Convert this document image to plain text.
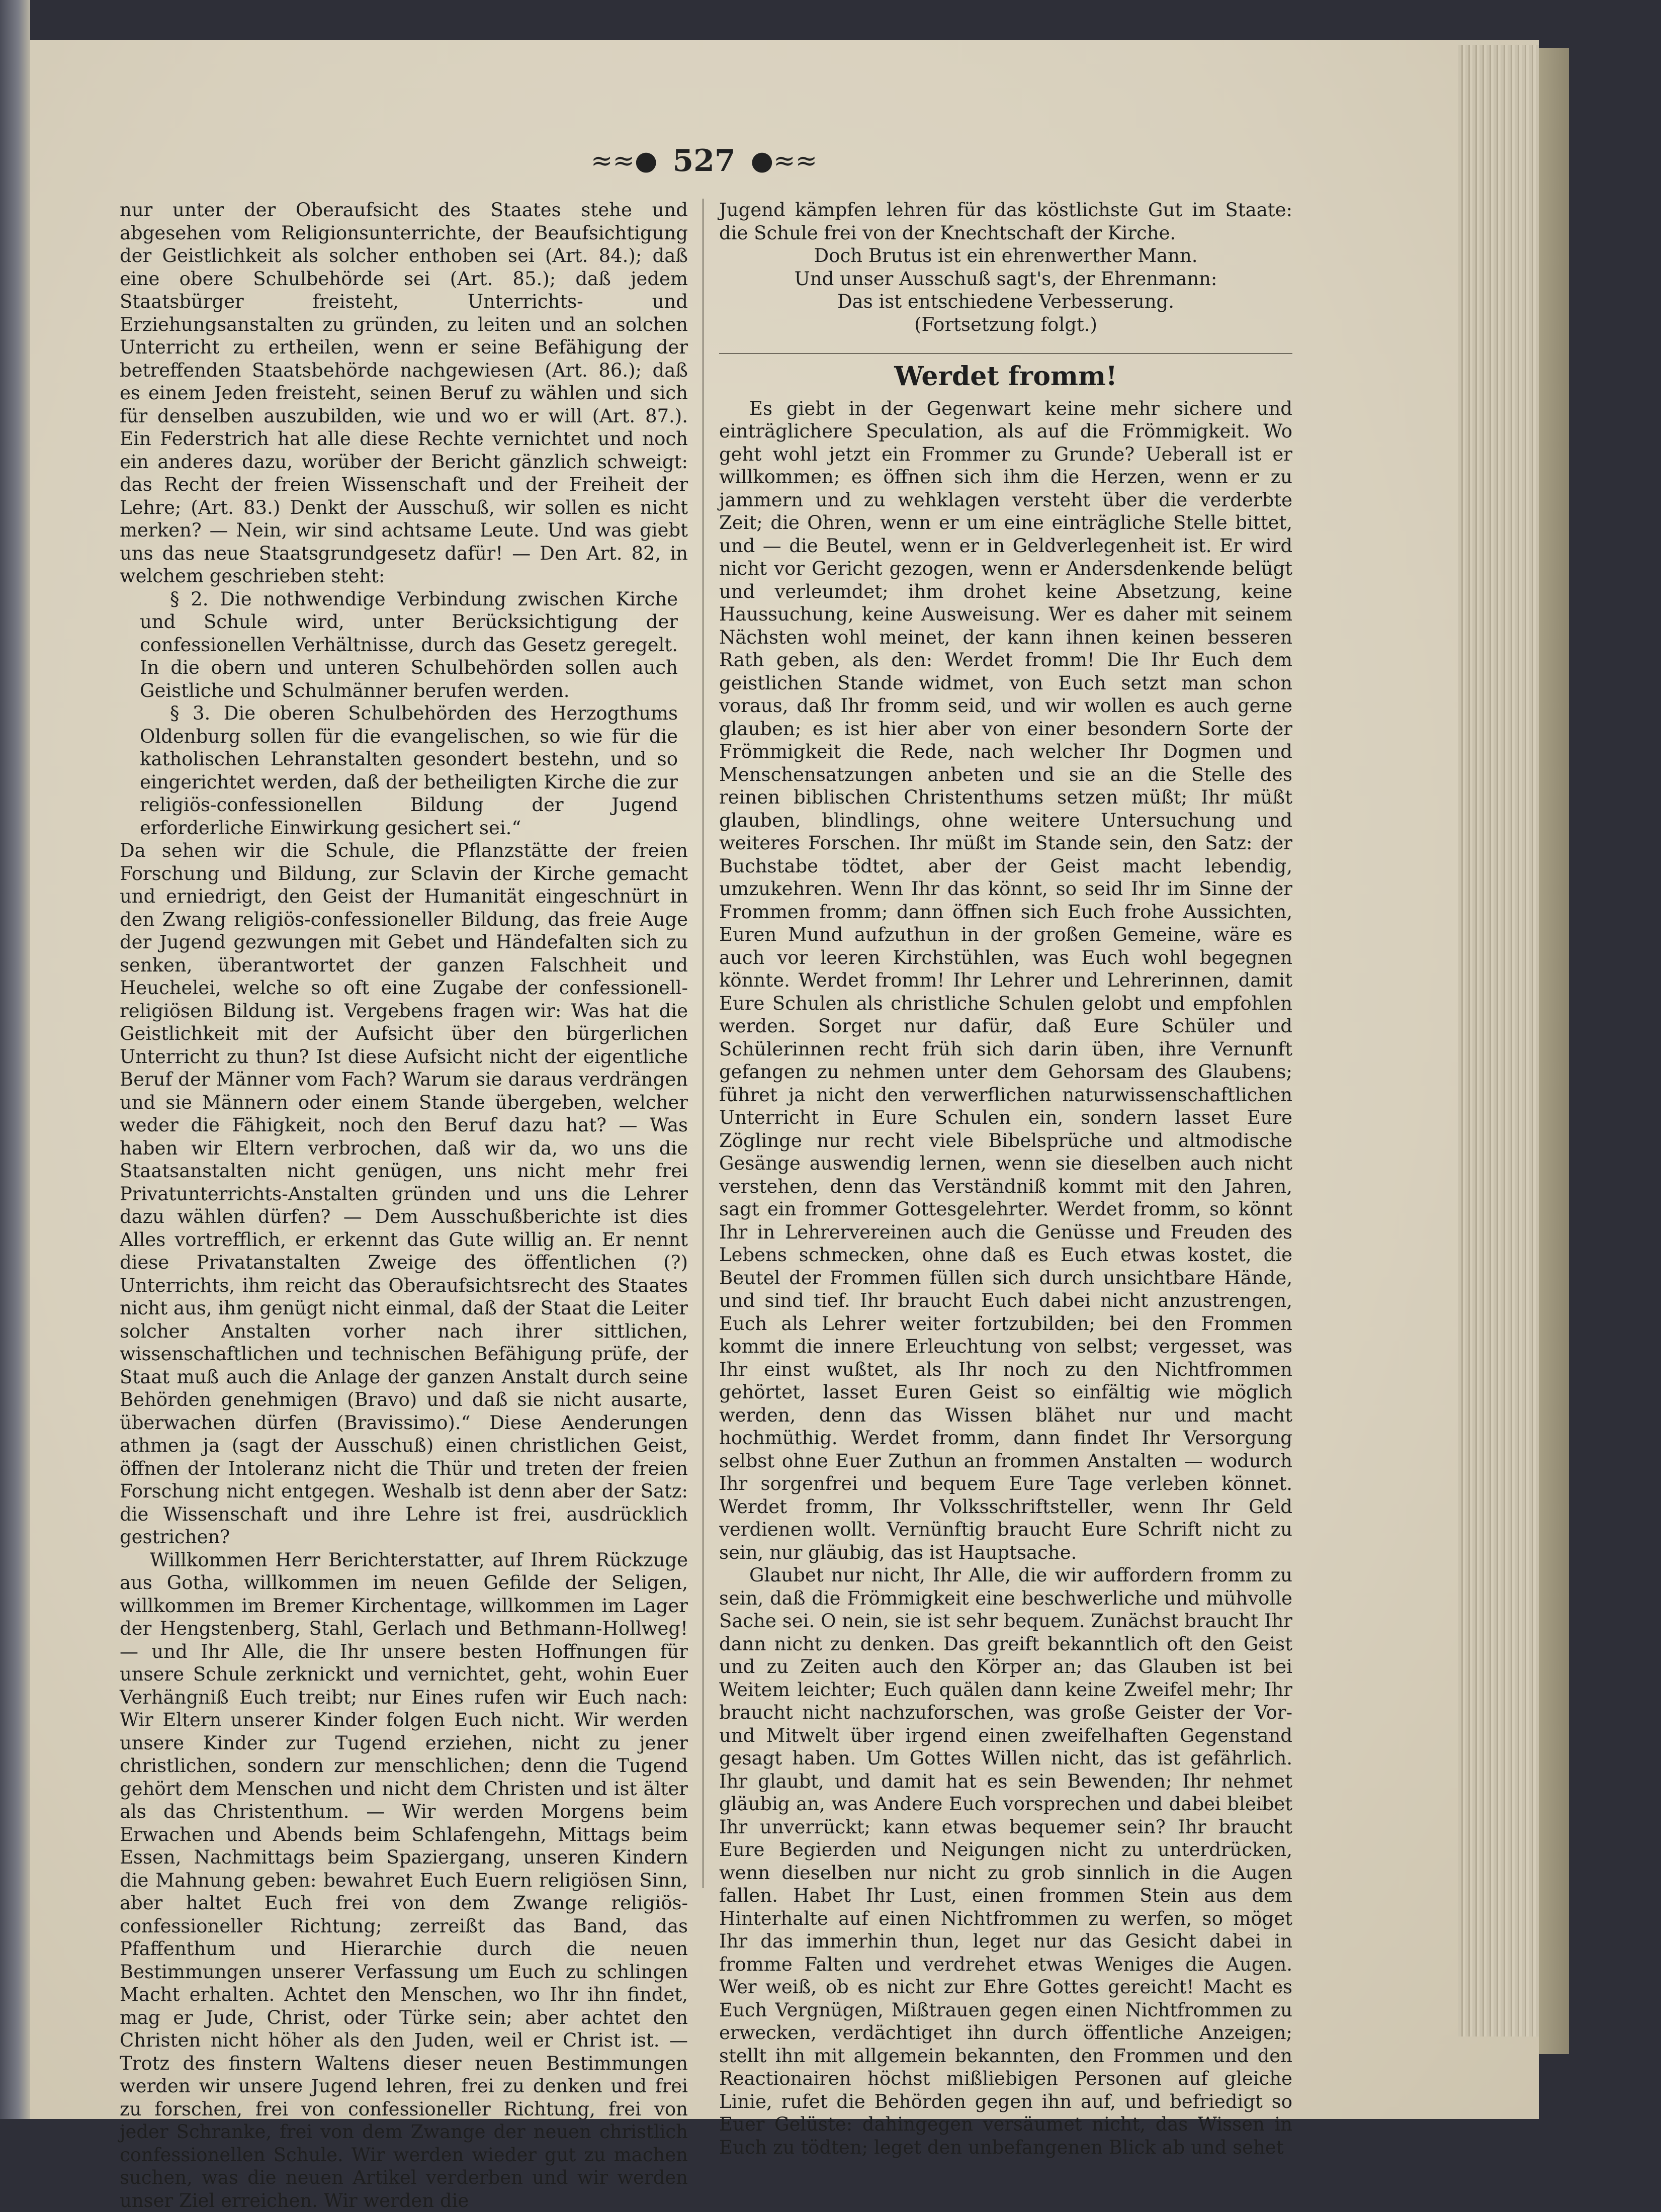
≈≈● 527 ●≈≈

nur unter der Oberaufsicht des Staates stehe und abgesehen vom Religionsunterrichte, der Beaufsichtigung der Geistlichkeit als solcher enthoben sei (Art. 84.); daß eine obere Schulbehörde sei (Art. 85.); daß jedem Staatsbürger freisteht, Unterrichts- und Erziehungsanstalten zu gründen, zu leiten und an solchen Unterricht zu ertheilen, wenn er seine Befähigung der betreffenden Staatsbehörde nachgewiesen (Art. 86.); daß es einem Jeden freisteht, seinen Beruf zu wählen und sich für denselben auszubilden, wie und wo er will (Art. 87.). Ein Federstrich hat alle diese Rechte vernichtet und noch ein anderes dazu, worüber der Bericht gänzlich schweigt: das Recht der freien Wissenschaft und der Freiheit der Lehre; (Art. 83.) Denkt der Ausschuß, wir sollen es nicht merken? — Nein, wir sind achtsame Leute. Und was giebt uns das neue Staatsgrundgesetz dafür! — Den Art. 82, in welchem geschrieben steht:

§ 2. Die nothwendige Verbindung zwischen Kirche und Schule wird, unter Berücksichtigung der confessionellen Verhältnisse, durch das Gesetz geregelt. In die obern und unteren Schulbehörden sollen auch Geistliche und Schulmänner berufen werden.

§ 3. Die oberen Schulbehörden des Herzogthums Oldenburg sollen für die evangelischen, so wie für die katholischen Lehranstalten gesondert bestehn, und so eingerichtet werden, daß der betheiligten Kirche die zur religiös-confessionellen Bildung der Jugend erforderliche Einwirkung gesichert sei.“

Da sehen wir die Schule, die Pflanzstätte der freien Forschung und Bildung, zur Sclavin der Kirche gemacht und erniedrigt, den Geist der Humanität eingeschnürt in den Zwang religiös-confessioneller Bildung, das freie Auge der Jugend gezwungen mit Gebet und Händefalten sich zu senken, überantwortet der ganzen Falschheit und Heuchelei, welche so oft eine Zugabe der confessionell-religiösen Bildung ist. Vergebens fragen wir: Was hat die Geistlichkeit mit der Aufsicht über den bürgerlichen Unterricht zu thun? Ist diese Aufsicht nicht der eigentliche Beruf der Männer vom Fach? Warum sie daraus verdrängen und sie Männern oder einem Stande übergeben, welcher weder die Fähigkeit, noch den Beruf dazu hat? — Was haben wir Eltern verbrochen, daß wir da, wo uns die Staatsanstalten nicht genügen, uns nicht mehr frei Privatunterrichts-Anstalten gründen und uns die Lehrer dazu wählen dürfen? — Dem Ausschußberichte ist dies Alles vortrefflich, er erkennt das Gute willig an. Er nennt diese Privatanstalten Zweige des öffentlichen (?) Unterrichts, ihm reicht das Oberaufsichtsrecht des Staates nicht aus, ihm genügt nicht einmal, daß der Staat die Leiter solcher Anstalten vorher nach ihrer sittlichen, wissenschaftlichen und technischen Befähigung prüfe, der Staat muß auch die Anlage der ganzen Anstalt durch seine Behörden genehmigen (Bravo) und daß sie nicht ausarte, überwachen dürfen (Bravissimo).“ Diese Aenderungen athmen ja (sagt der Ausschuß) einen christlichen Geist, öffnen der Intoleranz nicht die Thür und treten der freien Forschung nicht entgegen. Weshalb ist denn aber der Satz: die Wissenschaft und ihre Lehre ist frei, ausdrücklich gestrichen?

Willkommen Herr Berichterstatter, auf Ihrem Rückzuge aus Gotha, willkommen im neuen Gefilde der Seligen, willkommen im Bremer Kirchentage, willkommen im Lager der Hengstenberg, Stahl, Gerlach und Bethmann-Hollweg! — und Ihr Alle, die Ihr unsere besten Hoffnungen für unsere Schule zerknickt und vernichtet, geht, wohin Euer Verhängniß Euch treibt; nur Eines rufen wir Euch nach: Wir Eltern unserer Kinder folgen Euch nicht. Wir werden unsere Kinder zur Tugend erziehen, nicht zu jener christlichen, sondern zur menschlichen; denn die Tugend gehört dem Menschen und nicht dem Christen und ist älter als das Christenthum. — Wir werden Morgens beim Erwachen und Abends beim Schlafengehn, Mittags beim Essen, Nachmittags beim Spaziergang, unseren Kindern die Mahnung geben: bewahret Euch Euern religiösen Sinn, aber haltet Euch frei von dem Zwange religiös-confessioneller Richtung; zerreißt das Band, das Pfaffenthum und Hierarchie durch die neuen Bestimmungen unserer Verfassung um Euch zu schlingen Macht erhalten. Achtet den Menschen, wo Ihr ihn findet, mag er Jude, Christ, oder Türke sein; aber achtet den Christen nicht höher als den Juden, weil er Christ ist. — Trotz des finstern Waltens dieser neuen Bestimmungen werden wir unsere Jugend lehren, frei zu denken und frei zu forschen, frei von confessioneller Richtung, frei von jeder Schranke, frei von dem Zwange der neuen christlich confessionellen Schule. Wir werden wieder gut zu machen suchen, was die neuen Artikel verderben und wir werden unser Ziel erreichen. Wir werden die

Jugend kämpfen lehren für das köstlichste Gut im Staate: die Schule frei von der Knechtschaft der Kirche.

Doch Brutus ist ein ehrenwerther Mann.

Und unser Ausschuß sagt's, der Ehrenmann:

Das ist entschiedene Verbesserung.

(Fortsetzung folgt.)

Werdet fromm!

Es giebt in der Gegenwart keine mehr sichere und einträglichere Speculation, als auf die Frömmigkeit. Wo geht wohl jetzt ein Frommer zu Grunde? Ueberall ist er willkommen; es öffnen sich ihm die Herzen, wenn er zu jammern und zu wehklagen versteht über die verderbte Zeit; die Ohren, wenn er um eine einträgliche Stelle bittet, und — die Beutel, wenn er in Geldverlegenheit ist. Er wird nicht vor Gericht gezogen, wenn er Andersdenkende belügt und verleumdet; ihm drohet keine Absetzung, keine Haussuchung, keine Ausweisung. Wer es daher mit seinem Nächsten wohl meinet, der kann ihnen keinen besseren Rath geben, als den: Werdet fromm! Die Ihr Euch dem geistlichen Stande widmet, von Euch setzt man schon voraus, daß Ihr fromm seid, und wir wollen es auch gerne glauben; es ist hier aber von einer besondern Sorte der Frömmigkeit die Rede, nach welcher Ihr Dogmen und Menschensatzungen anbeten und sie an die Stelle des reinen biblischen Christenthums setzen müßt; Ihr müßt glauben, blindlings, ohne weitere Untersuchung und weiteres Forschen. Ihr müßt im Stande sein, den Satz: der Buchstabe tödtet, aber der Geist macht lebendig, umzukehren. Wenn Ihr das könnt, so seid Ihr im Sinne der Frommen fromm; dann öffnen sich Euch frohe Aussichten, Euren Mund aufzuthun in der großen Gemeine, wäre es auch vor leeren Kirchstühlen, was Euch wohl begegnen könnte. Werdet fromm! Ihr Lehrer und Lehrerinnen, damit Eure Schulen als christliche Schulen gelobt und empfohlen werden. Sorget nur dafür, daß Eure Schüler und Schülerinnen recht früh sich darin üben, ihre Vernunft gefangen zu nehmen unter dem Gehorsam des Glaubens; führet ja nicht den verwerflichen naturwissenschaftlichen Unterricht in Eure Schulen ein, sondern lasset Eure Zöglinge nur recht viele Bibelsprüche und altmodische Gesänge auswendig lernen, wenn sie dieselben auch nicht verstehen, denn das Verständniß kommt mit den Jahren, sagt ein frommer Gottesgelehrter. Werdet fromm, so könnt Ihr in Lehrervereinen auch die Genüsse und Freuden des Lebens schmecken, ohne daß es Euch etwas kostet, die Beutel der Frommen füllen sich durch unsichtbare Hände, und sind tief. Ihr braucht Euch dabei nicht anzustrengen, Euch als Lehrer weiter fortzubilden; bei den Frommen kommt die innere Erleuchtung von selbst; vergesset, was Ihr einst wußtet, als Ihr noch zu den Nichtfrommen gehörtet, lasset Euren Geist so einfältig wie möglich werden, denn das Wissen blähet nur und macht hochmüthig. Werdet fromm, dann findet Ihr Versorgung selbst ohne Euer Zuthun an frommen Anstalten — wodurch Ihr sorgenfrei und bequem Eure Tage verleben könnet. Werdet fromm, Ihr Volksschriftsteller, wenn Ihr Geld verdienen wollt. Vernünftig braucht Eure Schrift nicht zu sein, nur gläubig, das ist Hauptsache.

Glaubet nur nicht, Ihr Alle, die wir auffordern fromm zu sein, daß die Frömmigkeit eine beschwerliche und mühvolle Sache sei. O nein, sie ist sehr bequem. Zunächst braucht Ihr dann nicht zu denken. Das greift bekanntlich oft den Geist und zu Zeiten auch den Körper an; das Glauben ist bei Weitem leichter; Euch quälen dann keine Zweifel mehr; Ihr braucht nicht nachzuforschen, was große Geister der Vor- und Mitwelt über irgend einen zweifelhaften Gegenstand gesagt haben. Um Gottes Willen nicht, das ist gefährlich. Ihr glaubt, und damit hat es sein Bewenden; Ihr nehmet gläubig an, was Andere Euch vorsprechen und dabei bleibet Ihr unverrückt; kann etwas bequemer sein? Ihr braucht Eure Begierden und Neigungen nicht zu unterdrücken, wenn dieselben nur nicht zu grob sinnlich in die Augen fallen. Habet Ihr Lust, einen frommen Stein aus dem Hinterhalte auf einen Nichtfrommen zu werfen, so möget Ihr das immerhin thun, leget nur das Gesicht dabei in fromme Falten und verdrehet etwas Weniges die Augen. Wer weiß, ob es nicht zur Ehre Gottes gereicht! Macht es Euch Vergnügen, Mißtrauen gegen einen Nichtfrommen zu erwecken, verdächtiget ihn durch öffentliche Anzeigen; stellt ihn mit allgemein bekannten, den Frommen und den Reactionairen höchst mißliebigen Personen auf gleiche Linie, rufet die Behörden gegen ihn auf, und befriedigt so Euer Gelüste: dahingegen versäumet nicht, das Wissen in Euch zu tödten; leget den unbefangenen Blick ab und sehet
